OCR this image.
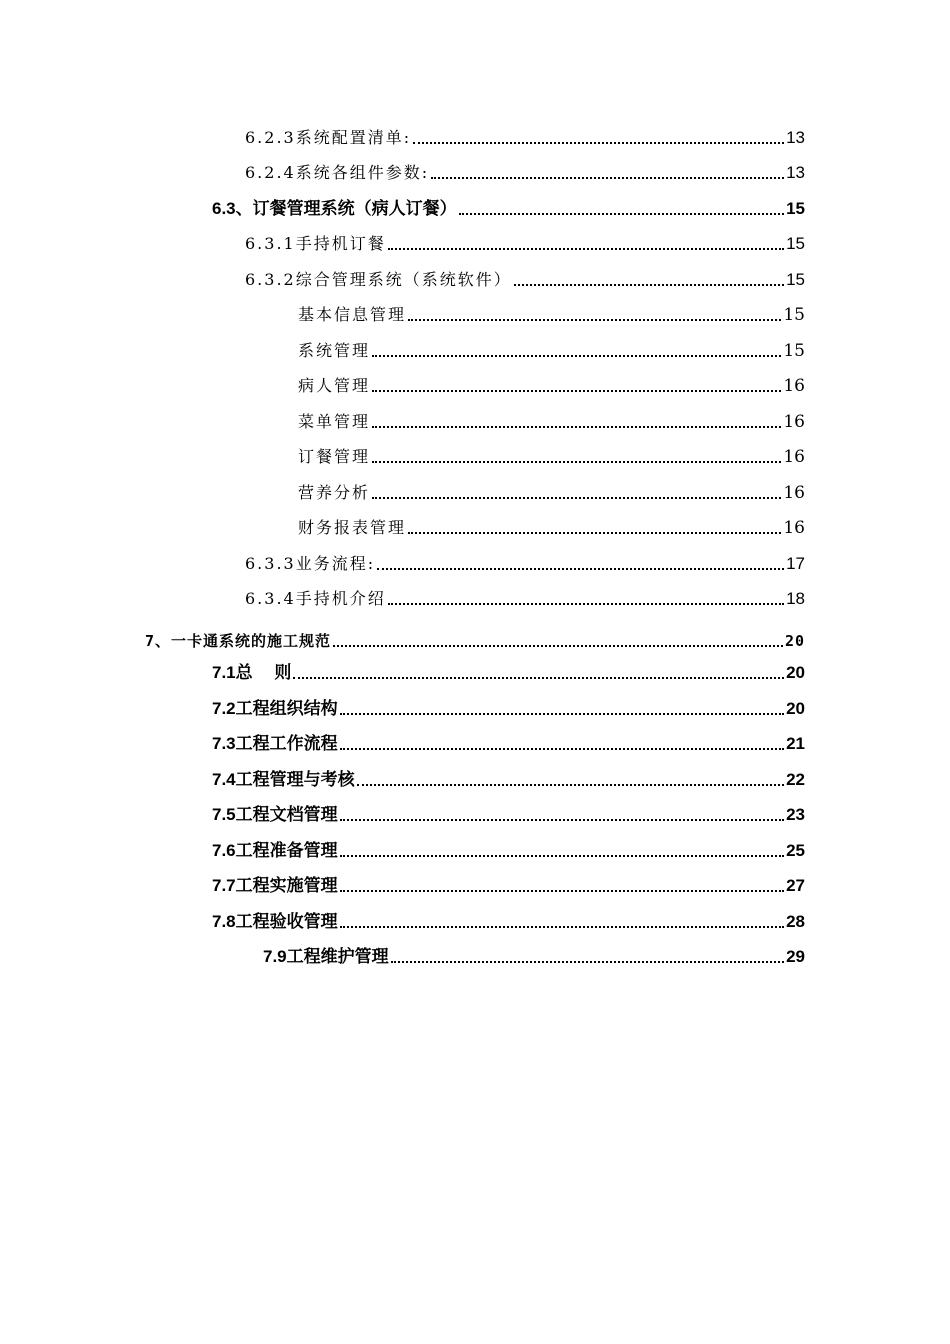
6.2.3系统配置清单:	13
6.2.4系统各组件参数:	13
6.3、订餐管理系统（病人订餐）	15
6.3.1手持机订餐	15
6.3.2综合管理系统（系统软件）	15
基本信息管理	15
系统管理	15
病人管理	16
菜单管理	16
订餐管理	16
营养分析	16
财务报表管理	16
6.3.3业务流程:	17
6.3.4手持机介绍	18
7、一卡通系统的施工规范	20
7.1总　 则	20
7.2工程组织结构	20
7.3工程工作流程	21
7.4工程管理与考核	22
7.5工程文档管理	23
7.6工程准备管理	25
7.7工程实施管理	27
7.8工程验收管理	28
7.9工程维护管理	29
